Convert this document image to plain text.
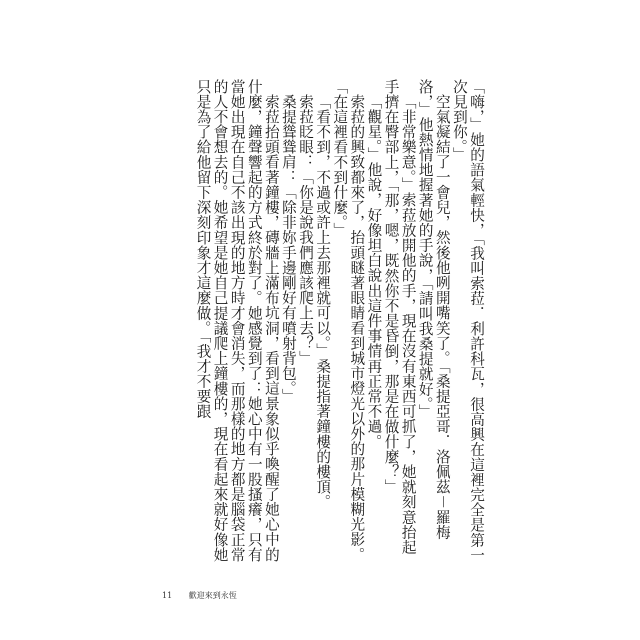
「嗨，」她的語氣輕快，「我叫索菈．利許科瓦，很高興在這裡完全是第一次見到你。」

空氣凝結了一會兒，然後他咧開嘴笑了。「桑提亞哥．洛佩茲－羅梅洛，」他熱情地握著她的手說，「請叫我桑提就好。」

「非常樂意。」索菈放開他的手，現在沒有東西可抓了，她就刻意抬起手擠在臀部上，「那，嗯，既然你不是昏倒，那是在做什麼？」

「觀星。」他說，好像坦白說出這件事情再正常不過。

索菈的興致都來了，抬頭瞇著眼睛看到城市燈光以外的那片模糊光影。「在這裡看不到什麼。」

「看不到，不過或許上去那裡就可以。」桑提指著鐘樓的樓頂。

索菈眨眼：「你是說我們應該爬上去？」

桑提聳聳肩：「除非妳手邊剛好有噴射背包。」

索菈抬頭看著鐘樓，磚牆上滿布坑洞，看到這景象似乎喚醒了她心中的什麼，鐘聲響起的方式終於對了。她感覺到了：她心中有一股搔癢，只有當她出現在自己不該出現的地方時才會消失，而那樣的地方都是腦袋正常的人不會想去的。她希望是她自己提議爬上鐘樓的，現在看起來就好像她只是為了給他留下深刻印象才這麼做。「我才不要跟

11 歡迎來到永恆
